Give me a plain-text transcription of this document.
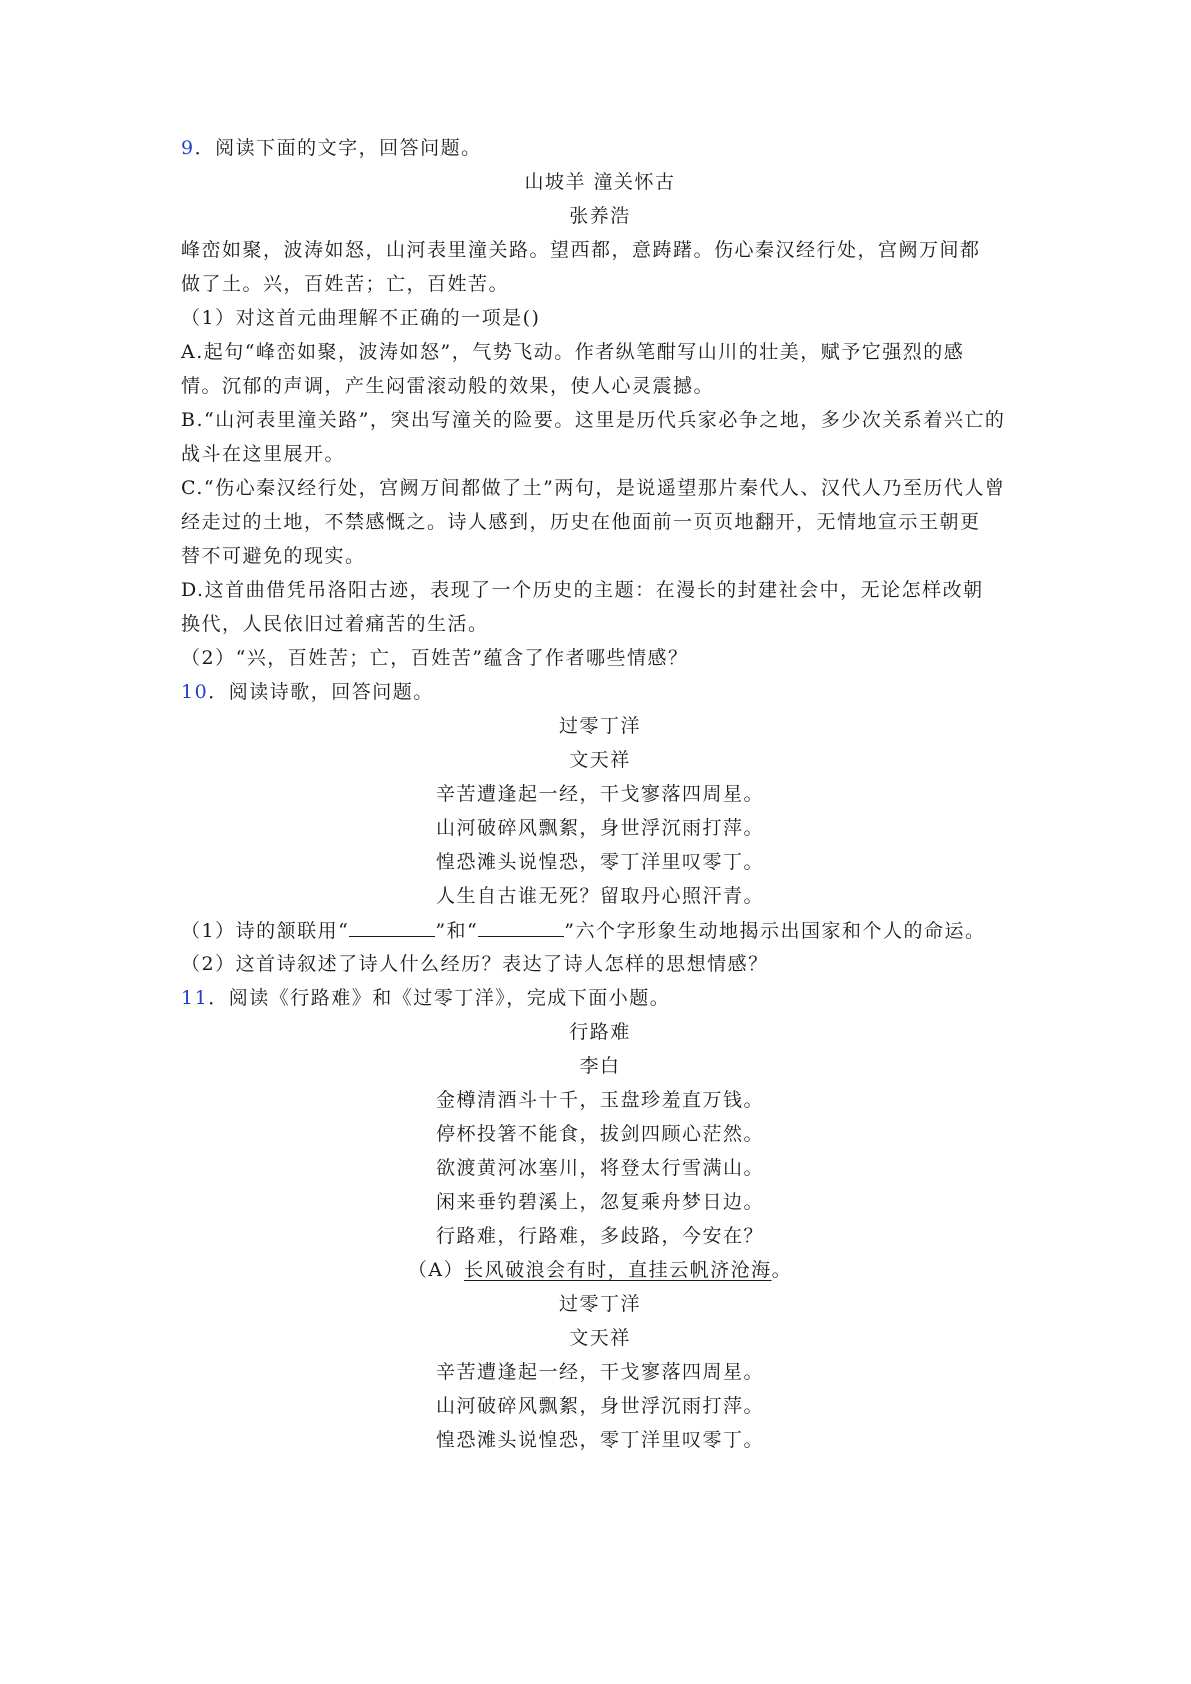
9．阅读下面的文字，回答问题。
山坡羊 潼关怀古
张养浩
峰峦如聚，波涛如怒，山河表里潼关路。望西都，意踌躇。伤心秦汉经行处，宫阙万间都
做了土。兴，百姓苦；亡，百姓苦。
（1）对这首元曲理解不正确的一项是()
A.起句“峰峦如聚，波涛如怒”，气势飞动。作者纵笔酣写山川的壮美，赋予它强烈的感
情。沉郁的声调，产生闷雷滚动般的效果，使人心灵震撼。
B.“山河表里潼关路”，突出写潼关的险要。这里是历代兵家必争之地，多少次关系着兴亡的
战斗在这里展开。
C.“伤心秦汉经行处，宫阙万间都做了土”两句，是说遥望那片秦代人、汉代人乃至历代人曾
经走过的土地，不禁感慨之。诗人感到，历史在他面前一页页地翻开，无情地宣示王朝更
替不可避免的现实。
D.这首曲借凭吊洛阳古迹，表现了一个历史的主题：在漫长的封建社会中，无论怎样改朝
换代，人民依旧过着痛苦的生活。
（2）“兴，百姓苦；亡，百姓苦”蕴含了作者哪些情感？
10．阅读诗歌，回答问题。
过零丁洋
文天祥
辛苦遭逢起一经，干戈寥落四周星。
山河破碎风飘絮，身世浮沉雨打萍。
惶恐滩头说惶恐，零丁洋里叹零丁。
人生自古谁无死？留取丹心照汗青。
（1）诗的颔联用“	”和“	”六个字形象生动地揭示出国家和个人的命运。
（2）这首诗叙述了诗人什么经历？表达了诗人怎样的思想情感？
11．阅读《行路难》和《过零丁洋》，完成下面小题。
行路难
李白
金樽清酒斗十千，玉盘珍羞直万钱。
停杯投箸不能食，拔剑四顾心茫然。
欲渡黄河冰塞川，将登太行雪满山。
闲来垂钓碧溪上，忽复乘舟梦日边。
行路难，行路难，多歧路，今安在？
（A）长风破浪会有时，直挂云帆济沧海。
过零丁洋
文天祥
辛苦遭逢起一经，干戈寥落四周星。
山河破碎风飘絮，身世浮沉雨打萍。
惶恐滩头说惶恐，零丁洋里叹零丁。
